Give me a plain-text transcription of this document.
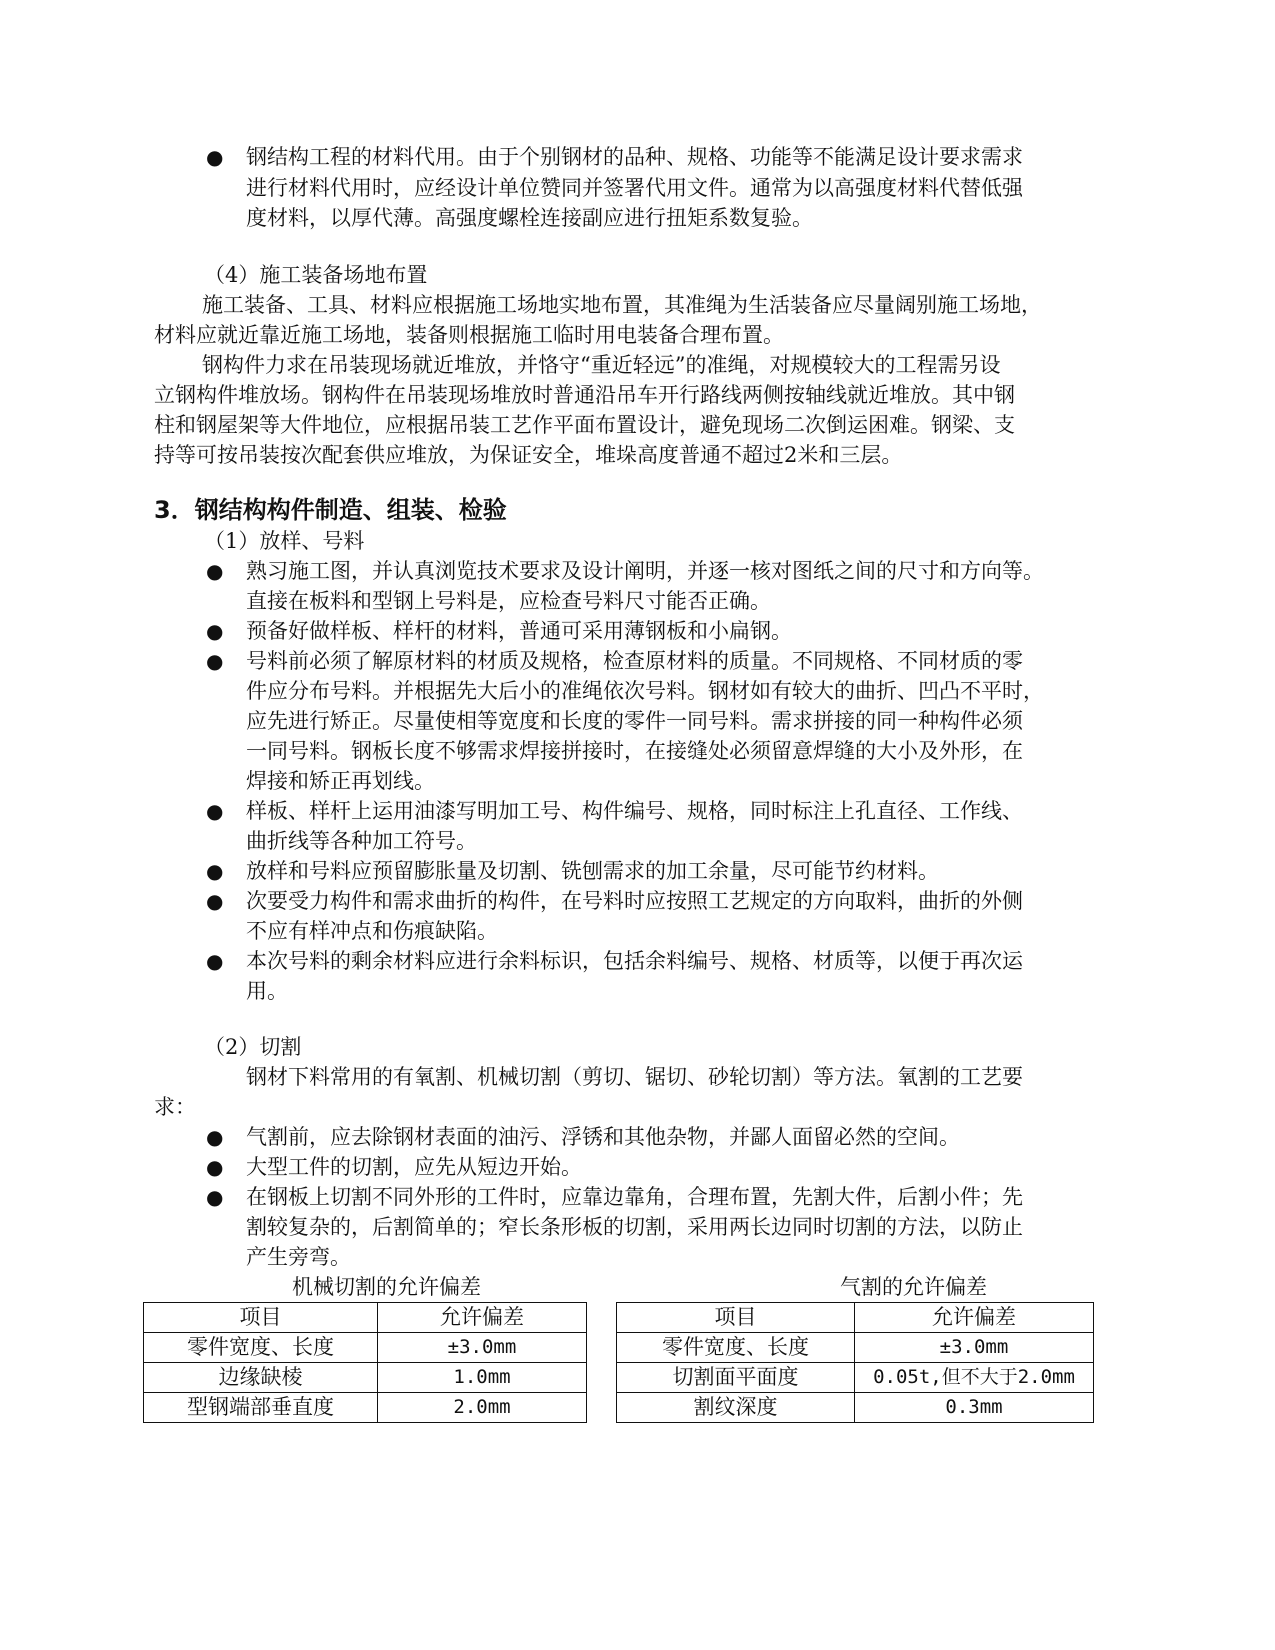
●
钢结构工程的材料代用。由于个别钢材的品种、规格、功能等不能满足设计要求需求
进行材料代用时，应经设计单位赞同并签署代用文件。通常为以高强度材料代替低强
度材料，以厚代薄。高强度螺栓连接副应进行扭矩系数复验。
（4）施工装备场地布置
施工装备、工具、材料应根据施工场地实地布置，其准绳为生活装备应尽量阔别施工场地，
材料应就近靠近施工场地，装备则根据施工临时用电装备合理布置。
钢构件力求在吊装现场就近堆放，并恪守“重近轻远”的准绳，对规模较大的工程需另设
立钢构件堆放场。钢构件在吊装现场堆放时普通沿吊车开行路线两侧按轴线就近堆放。其中钢
柱和钢屋架等大件地位，应根据吊装工艺作平面布置设计，避免现场二次倒运困难。钢梁、支
持等可按吊装按次配套供应堆放，为保证安全，堆垛高度普通不超过2米和三层。
3．钢结构构件制造、组装、检验
（1）放样、号料
●
熟习施工图，并认真浏览技术要求及设计阐明，并逐一核对图纸之间的尺寸和方向等。
直接在板料和型钢上号料是，应检查号料尺寸能否正确。
●
预备好做样板、样杆的材料，普通可采用薄钢板和小扁钢。
●
号料前必须了解原材料的材质及规格，检查原材料的质量。不同规格、不同材质的零
件应分布号料。并根据先大后小的准绳依次号料。钢材如有较大的曲折、凹凸不平时，
应先进行矫正。尽量使相等宽度和长度的零件一同号料。需求拼接的同一种构件必须
一同号料。钢板长度不够需求焊接拼接时，在接缝处必须留意焊缝的大小及外形，在
焊接和矫正再划线。
●
样板、样杆上运用油漆写明加工号、构件编号、规格，同时标注上孔直径、工作线、
曲折线等各种加工符号。
●
放样和号料应预留膨胀量及切割、铣刨需求的加工余量，尽可能节约材料。
●
次要受力构件和需求曲折的构件，在号料时应按照工艺规定的方向取料，曲折的外侧
不应有样冲点和伤痕缺陷。
●
本次号料的剩余材料应进行余料标识，包括余料编号、规格、材质等，以便于再次运
用。
（2）切割
钢材下料常用的有氧割、机械切割（剪切、锯切、砂轮切割）等方法。氧割的工艺要
求：
●
气割前，应去除钢材表面的油污、浮锈和其他杂物，并鄙人面留必然的空间。
●
大型工件的切割，应先从短边开始。
●
在钢板上切割不同外形的工件时，应靠边靠角，合理布置，先割大件，后割小件；先
割较复杂的，后割简单的；窄长条形板的切割，采用两长边同时切割的方法，以防止
产生旁弯。
机械切割的允许偏差	气割的允许偏差
项目	允许偏差
零件宽度、长度	±3.0mm
边缘缺棱	1.0mm
型钢端部垂直度	2.0mm
项目	允许偏差
零件宽度、长度	±3.0mm
切割面平面度	0.05t,但不大于2.0mm
割纹深度	0.3mm
